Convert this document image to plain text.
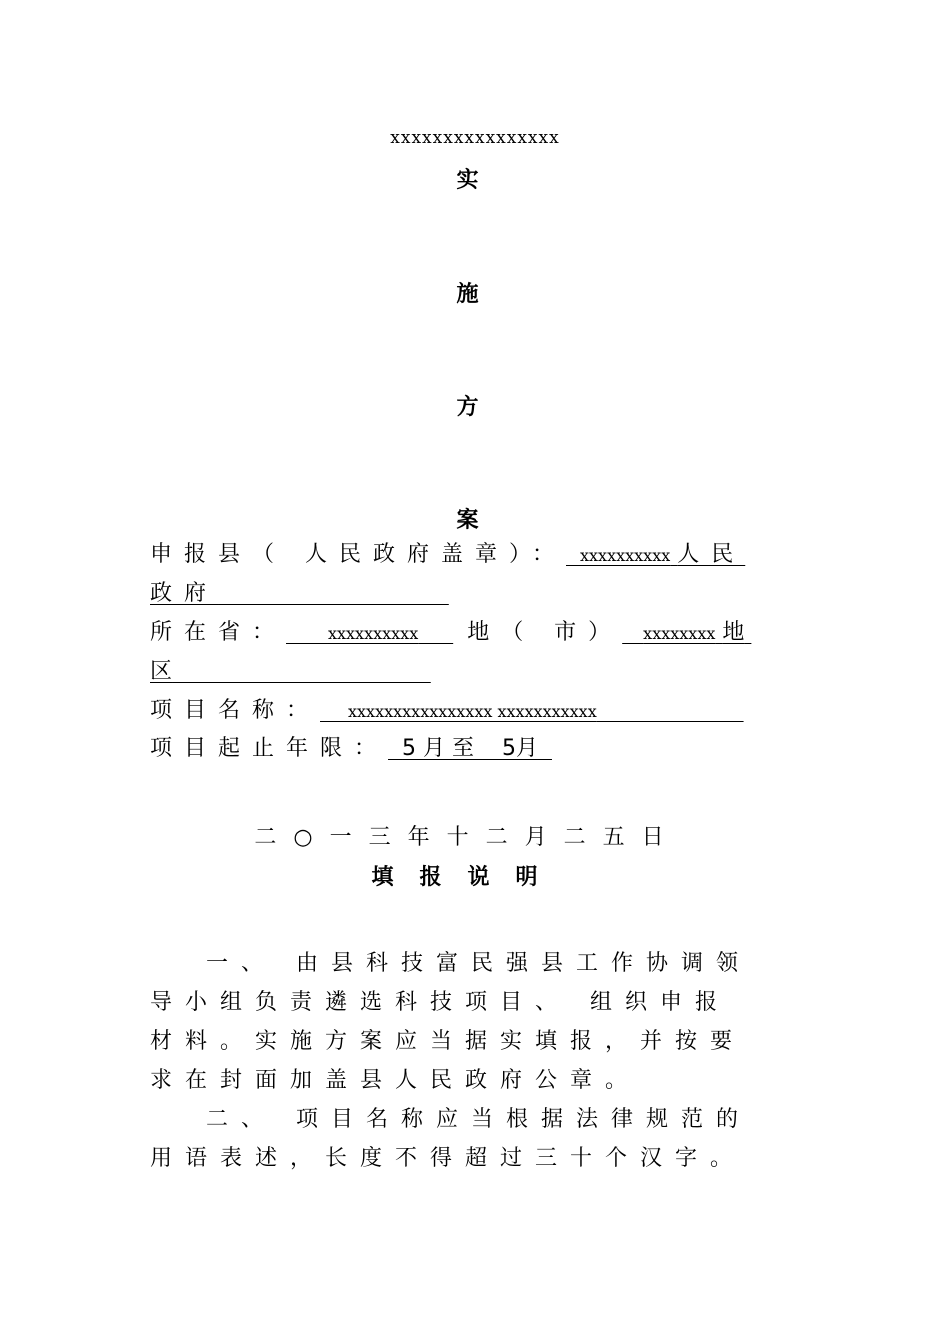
xxxxxxxxxxxxxxxx
实
施
方
案
申报县（ 人民政府盖章）： xxxxxxxxxx 人民
政府
所在省：	xxxxxxxxxx 地（ 市） xxxxxxxx 地
区
项目名称： xxxxxxxxxxxxxxxx xxxxxxxxxxx
项目起止年限： 5 月 至    5月
二○一三年十二月二五日
填报说明
一、 由县科技富民强县工作协调领
导小组负责遴选科技项目、 组织申报
材料。实施方案应当据实填报，并按要
求在封面加盖县人民政府公章。
二、 项目名称应当根据法律规范的
用语表述，长度不得超过三十个汉字。
